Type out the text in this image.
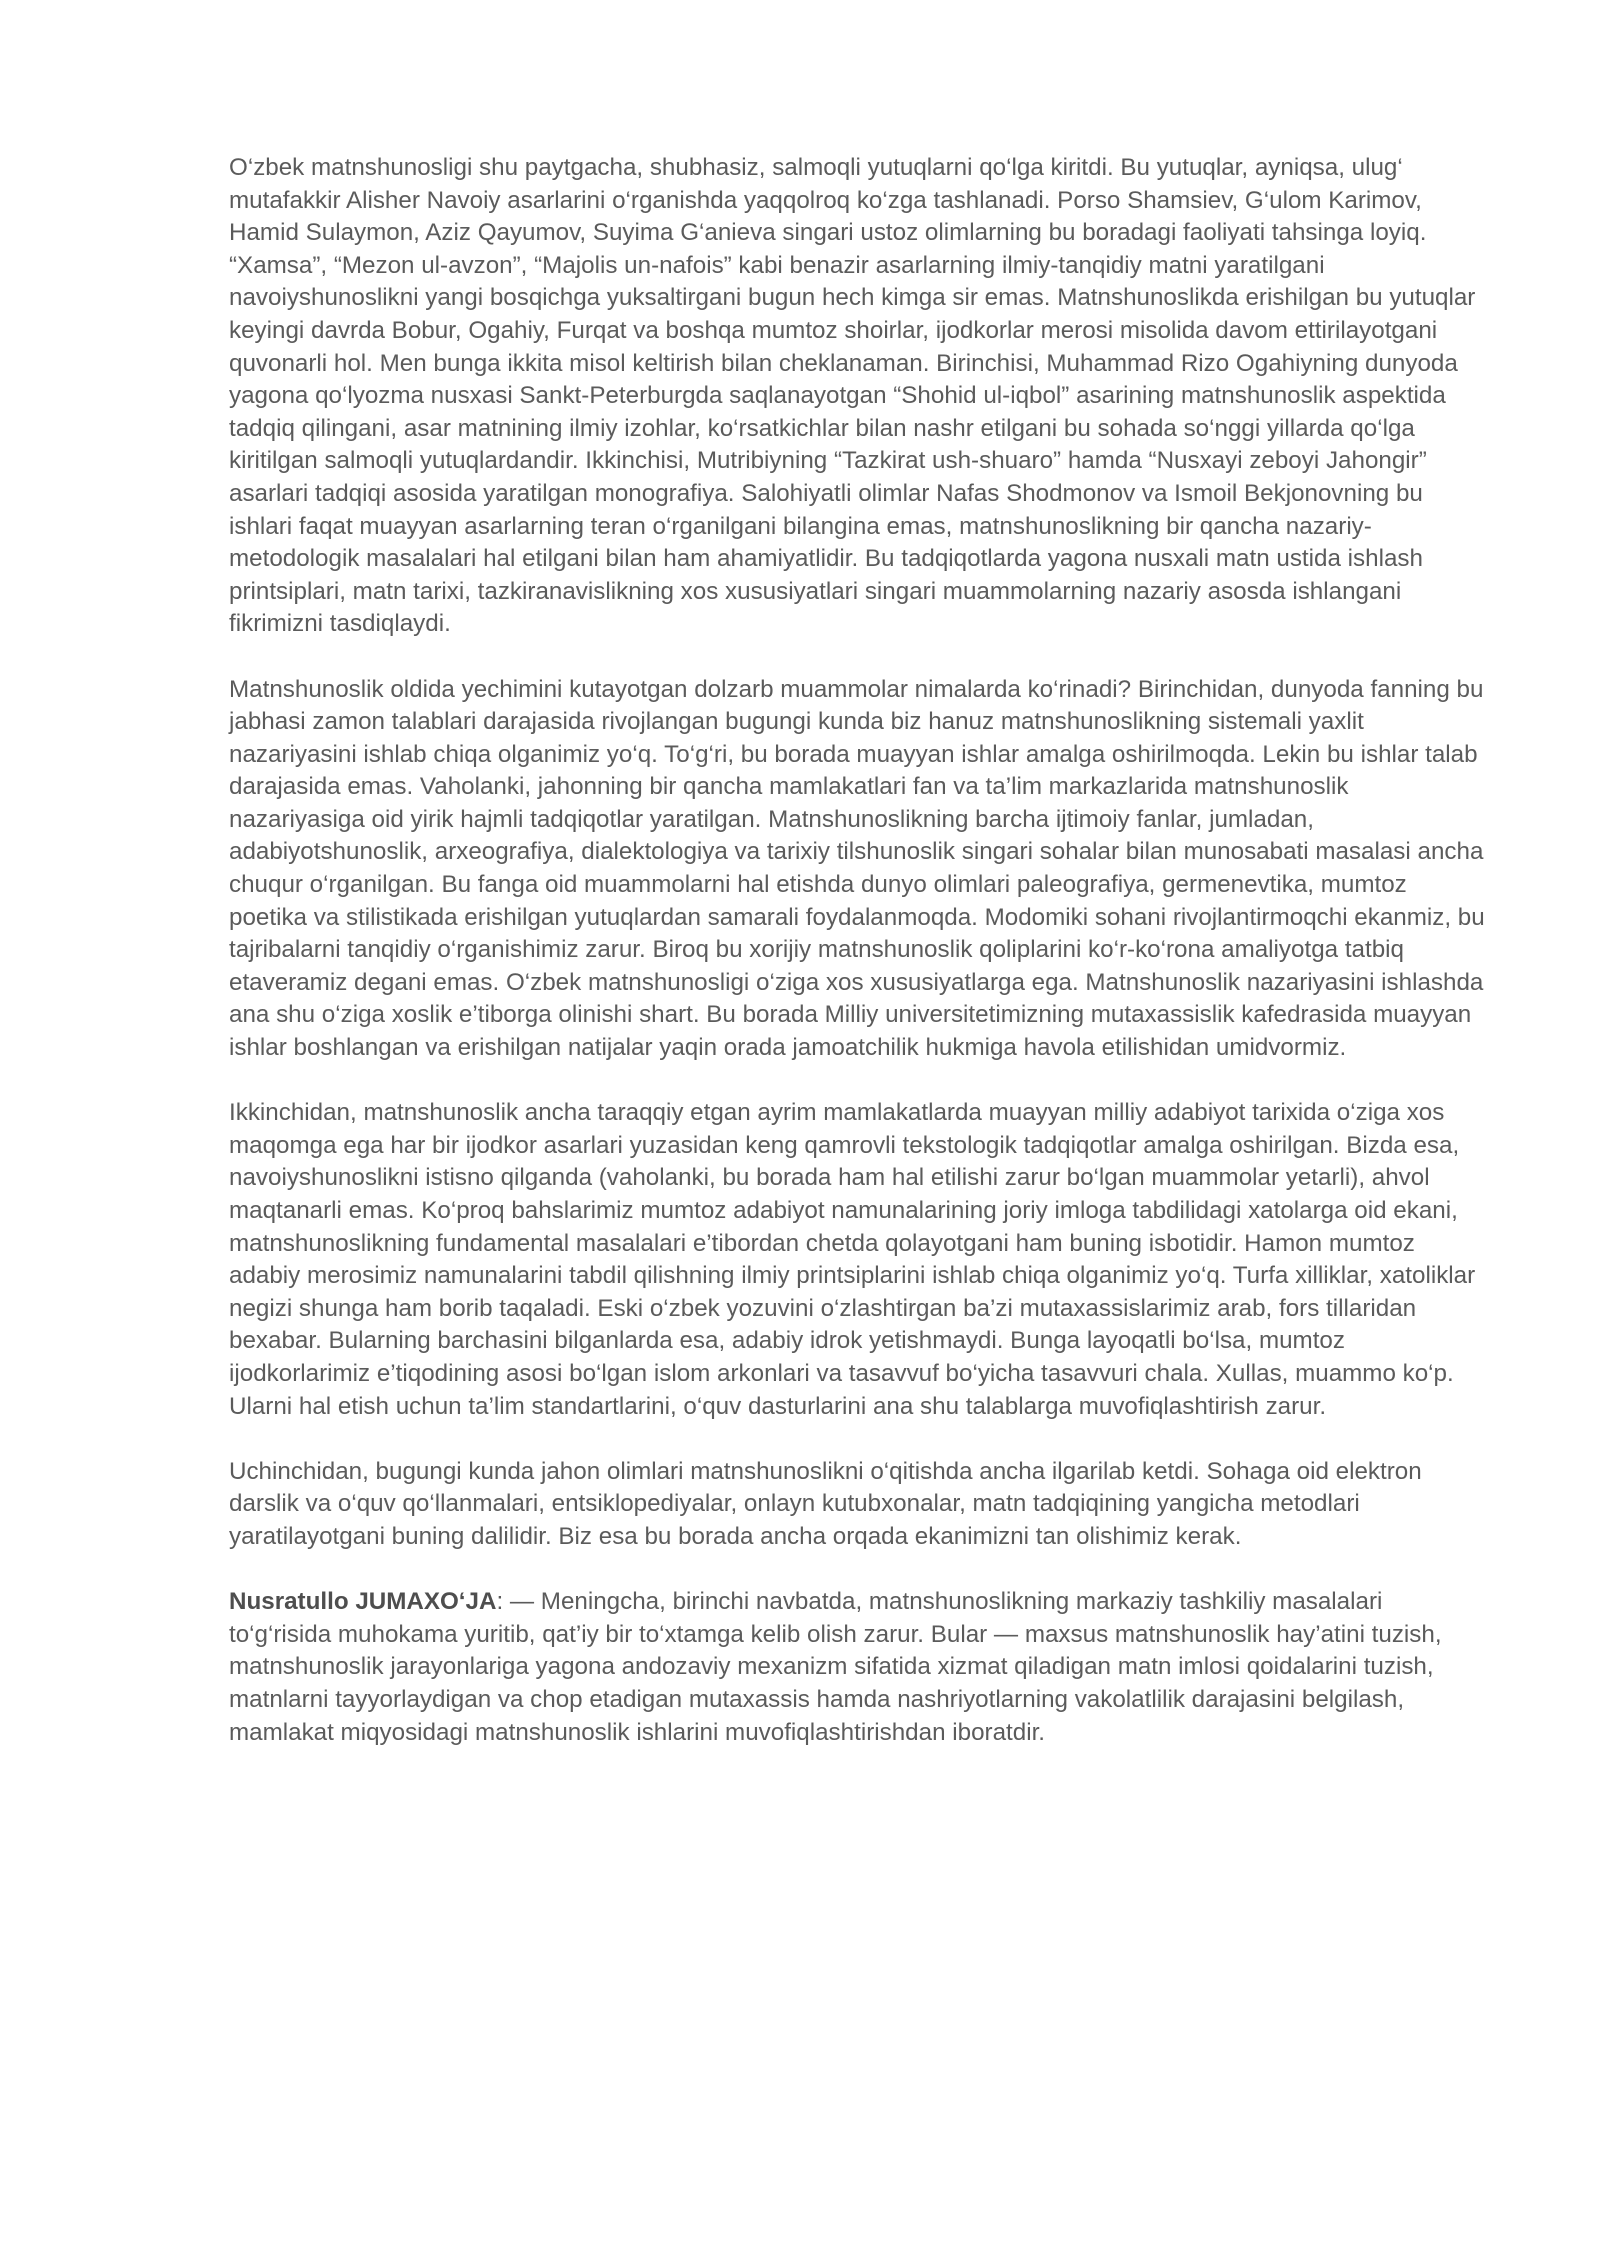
O‘zbek matnshunosligi shu paytgacha, shubhasiz, salmoqli yutuqlarni qo‘lga kiritdi. Bu yutuqlar, ayniqsa, ulug‘ mutafakkir Alisher Navoiy asarlarini o‘rganishda yaqqolroq ko‘zga tashlanadi. Porso Shamsiev, G‘ulom Karimov, Hamid Sulaymon, Aziz Qayumov, Suyima G‘anieva singari ustoz olimlarning bu boradagi faoliyati tahsinga loyiq. “Xamsa”, “Mezon ul-avzon”, “Majolis un-nafois” kabi benazir asarlarning ilmiy-tanqidiy matni yaratilgani navoiyshunoslikni yangi bosqichga yuksaltirgani bugun hech kimga sir emas. Matnshunoslikda erishilgan bu yutuqlar keyingi davrda Bobur, Ogahiy, Furqat va boshqa mumtoz shoirlar, ijodkorlar merosi misolida davom ettirilayotgani quvonarli hol. Men bunga ikkita misol keltirish bilan cheklanaman. Birinchisi, Muhammad Rizo Ogahiyning dunyoda yagona qo‘lyozma nusxasi Sankt-Peterburgda saqlanayotgan “Shohid ul-iqbol” asarining matnshunoslik aspektida tadqiq qilingani, asar matnining ilmiy izohlar, ko‘rsatkichlar bilan nashr etilgani bu sohada so‘nggi yillarda qo‘lga kiritilgan salmoqli yutuqlardandir. Ikkinchisi, Mutribiyning “Tazkirat ush-shuaro” hamda “Nusxayi zeboyi Jahongir” asarlari tadqiqi asosida yaratilgan monografiya. Salohiyatli olimlar Nafas Shodmonov va Ismoil Bekjonovning bu ishlari faqat muayyan asarlarning teran o‘rganilgani bilangina emas, matnshunoslikning bir qancha nazariy-metodologik masalalari hal etilgani bilan ham ahamiyatlidir. Bu tadqiqotlarda yagona nusxali matn ustida ishlash printsiplari, matn tarixi, tazkiranavislikning xos xususiyatlari singari muammolarning nazariy asosda ishlangani fikrimizni tasdiqlaydi.

Matnshunoslik oldida yechimini kutayotgan dolzarb muammolar nimalarda ko‘rinadi? Birinchidan, dunyoda fanning bu jabhasi zamon talablari darajasida rivojlangan bugungi kunda biz hanuz matnshunoslikning sistemali yaxlit nazariyasini ishlab chiqa olganimiz yo‘q. To‘g‘ri, bu borada muayyan ishlar amalga oshirilmoqda. Lekin bu ishlar talab darajasida emas. Vaholanki, jahonning bir qancha mamlakatlari fan va ta’lim markazlarida matnshunoslik nazariyasiga oid yirik hajmli tadqiqotlar yaratilgan. Matnshunoslikning barcha ijtimoiy fanlar, jumladan, adabiyotshunoslik, arxeografiya, dialektologiya va tarixiy tilshunoslik singari sohalar bilan munosabati masalasi ancha chuqur o‘rganilgan. Bu fanga oid muammolarni hal etishda dunyo olimlari paleografiya, germenevtika, mumtoz poetika va stilistikada erishilgan yutuqlardan samarali foydalanmoqda. Modomiki sohani rivojlantirmoqchi ekanmiz, bu tajribalarni tanqidiy o‘rganishimiz zarur. Biroq bu xorijiy matnshunoslik qoliplarini ko‘r-ko‘rona amaliyotga tatbiq etaveramiz degani emas. O‘zbek matnshunosligi o‘ziga xos xususiyatlarga ega. Matnshunoslik nazariyasini ishlashda ana shu o‘ziga xoslik e’tiborga olinishi shart. Bu borada Milliy universitetimizning mutaxassislik kafedrasida muayyan ishlar boshlangan va erishilgan natijalar yaqin orada jamoatchilik hukmiga havola etilishidan umidvormiz.

Ikkinchidan, matnshunoslik ancha taraqqiy etgan ayrim mamlakatlarda muayyan milliy adabiyot tarixida o‘ziga xos maqomga ega har bir ijodkor asarlari yuzasidan keng qamrovli tekstologik tadqiqotlar amalga oshirilgan. Bizda esa, navoiyshunoslikni istisno qilganda (vaholanki, bu borada ham hal etilishi zarur bo‘lgan muammolar yetarli), ahvol maqtanarli emas. Ko‘proq bahslarimiz mumtoz adabiyot namunalarining joriy imloga tabdilidagi xatolarga oid ekani, matnshunoslikning fundamental masalalari e’tibordan chetda qolayotgani ham buning isbotidir. Hamon mumtoz adabiy merosimiz namunalarini tabdil qilishning ilmiy printsiplarini ishlab chiqa olganimiz yo‘q. Turfa xilliklar, xatoliklar negizi shunga ham borib taqaladi. Eski o‘zbek yozuvini o‘zlashtirgan ba’zi mutaxassislarimiz arab, fors tillaridan bexabar. Bularning barchasini bilganlarda esa, adabiy idrok yetishmaydi. Bunga layoqatli bo‘lsa, mumtoz ijodkorlarimiz e’tiqodining asosi bo‘lgan islom arkonlari va tasavvuf bo‘yicha tasavvuri chala. Xullas, muammo ko‘p. Ularni hal etish uchun ta’lim standartlarini, o‘quv dasturlarini ana shu talablarga muvofiqlashtirish zarur.

Uchinchidan, bugungi kunda jahon olimlari matnshunoslikni o‘qitishda ancha ilgarilab ketdi. Sohaga oid elektron darslik va o‘quv qo‘llanmalari, entsiklopediyalar, onlayn kutubxonalar, matn tadqiqining yangicha metodlari yaratilayotgani buning dalilidir. Biz esa bu borada ancha orqada ekanimizni tan olishimiz kerak.

Nusratullo JUMAXO‘JA: — Meningcha, birinchi navbatda, matnshunoslikning markaziy tashkiliy masalalari to‘g‘risida muhokama yuritib, qat’iy bir to‘xtamga kelib olish zarur. Bular — maxsus matnshunoslik hay’atini tuzish, matnshunoslik jarayonlariga yagona andozaviy mexanizm sifatida xizmat qiladigan matn imlosi qoidalarini tuzish, matnlarni tayyorlaydigan va chop etadigan mutaxassis hamda nashriyotlarning vakolatlilik darajasini belgilash, mamlakat miqyosidagi matnshunoslik ishlarini muvofiqlashtirishdan iboratdir.
